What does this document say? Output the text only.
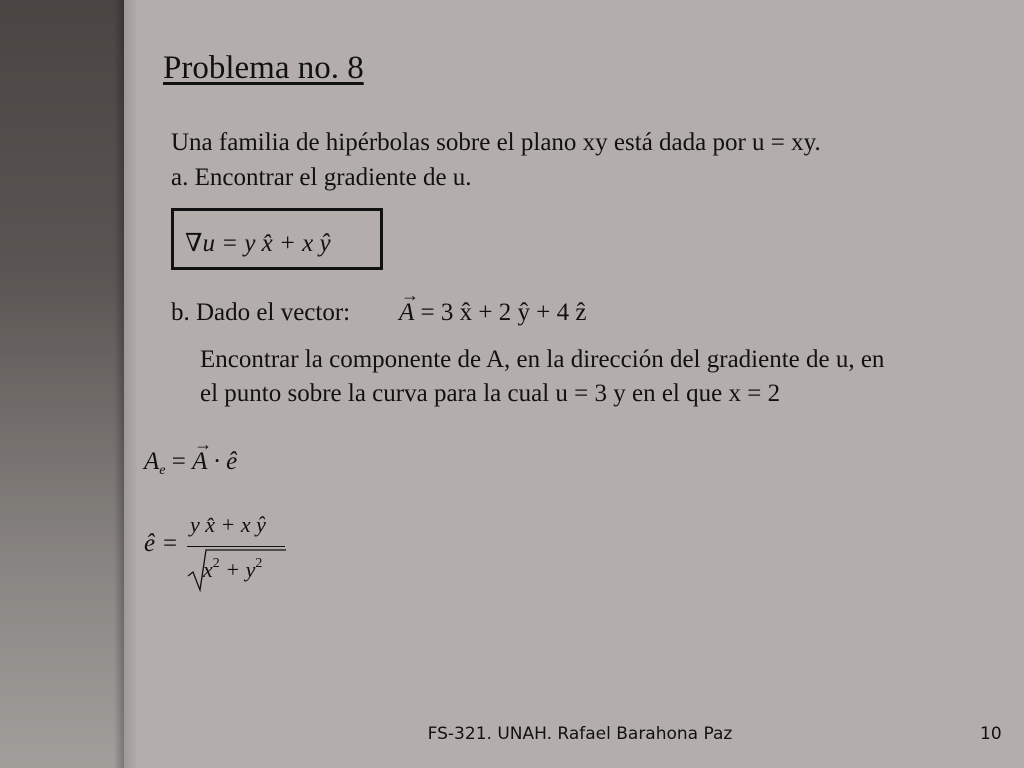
Problema no. 8
Una familia de hipérbolas sobre el plano xy está dada por u = xy.
a. Encontrar el gradiente de u.
∇u = y x̂ + x ŷ
b. Dado el vector: → A = 3 x̂ + 2 ŷ + 4 ẑ
Encontrar la componente de A, en la dirección del gradiente de u, en
el punto sobre la curva para la cual u = 3 y en el que x = 2
$A_e$ = → A · ê
ê =
y x̂ + x ŷ
$x^2 + y^2$
FS-321. UNAH. Rafael Barahona Paz	10
